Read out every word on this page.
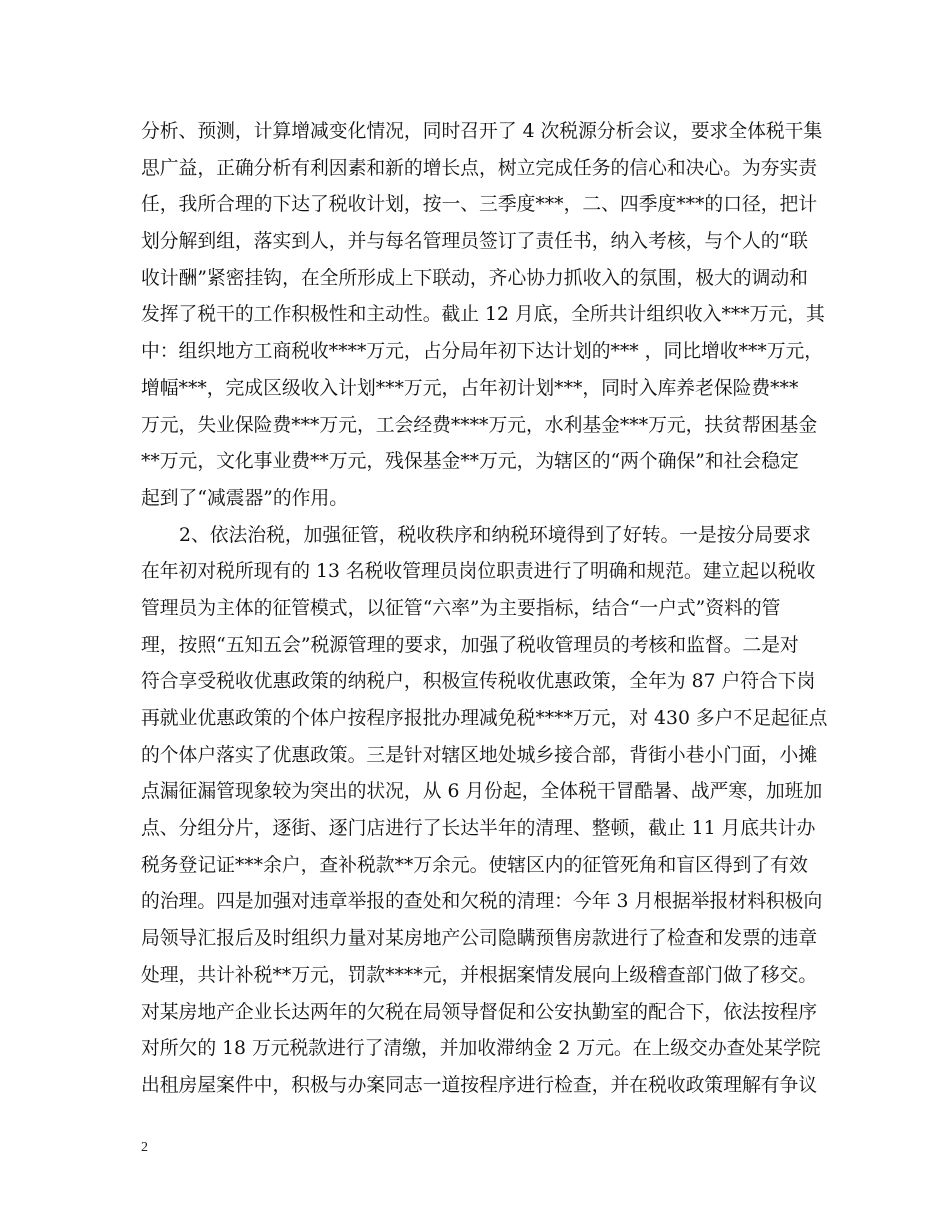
分析、预测，计算增减变化情况，同时召开了 4 次税源分析会议，要求全体税干集
思广益，正确分析有利因素和新的增长点，树立完成任务的信心和决心。为夯实责
任，我所合理的下达了税收计划，按一、三季度***，二、四季度***的口径，把计
划分解到组，落实到人，并与每名管理员签订了责任书，纳入考核，与个人的“联
收计酬”紧密挂钩，在全所形成上下联动，齐心协力抓收入的氛围，极大的调动和
发挥了税干的工作积极性和主动性。截止 12 月底，全所共计组织收入***万元，其
中：组织地方工商税收****万元，占分局年初下达计划的*** ，同比增收***万元，
增幅***，完成区级收入计划***万元，占年初计划***，同时入库养老保险费***
万元，失业保险费***万元，工会经费****万元，水利基金***万元，扶贫帮困基金
**万元，文化事业费**万元，残保基金**万元，为辖区的“两个确保”和社会稳定
起到了“减震器”的作用。
2、依法治税，加强征管，税收秩序和纳税环境得到了好转。一是按分局要求
在年初对税所现有的 13 名税收管理员岗位职责进行了明确和规范。建立起以税收
管理员为主体的征管模式，以征管“六率”为主要指标，结合“一户式”资料的管
理，按照“五知五会”税源管理的要求，加强了税收管理员的考核和监督。二是对
符合享受税收优惠政策的纳税户，积极宣传税收优惠政策，全年为 87 户符合下岗
再就业优惠政策的个体户按程序报批办理减免税****万元，对 430 多户不足起征点
的个体户落实了优惠政策。三是针对辖区地处城乡接合部，背街小巷小门面，小摊
点漏征漏管现象较为突出的状况，从 6 月份起，全体税干冒酷暑、战严寒，加班加
点、分组分片，逐街、逐门店进行了长达半年的清理、整顿，截止 11 月底共计办
税务登记证***余户，查补税款**万余元。使辖区内的征管死角和盲区得到了有效
的治理。四是加强对违章举报的查处和欠税的清理：今年 3 月根据举报材料积极向
局领导汇报后及时组织力量对某房地产公司隐瞒预售房款进行了检查和发票的违章
处理，共计补税**万元，罚款****元，并根据案情发展向上级稽查部门做了移交。
对某房地产企业长达两年的欠税在局领导督促和公安执勤室的配合下，依法按程序
对所欠的 18 万元税款进行了清缴，并加收滞纳金 2 万元。在上级交办查处某学院
出租房屋案件中，积极与办案同志一道按程序进行检查，并在税收政策理解有争议
2
